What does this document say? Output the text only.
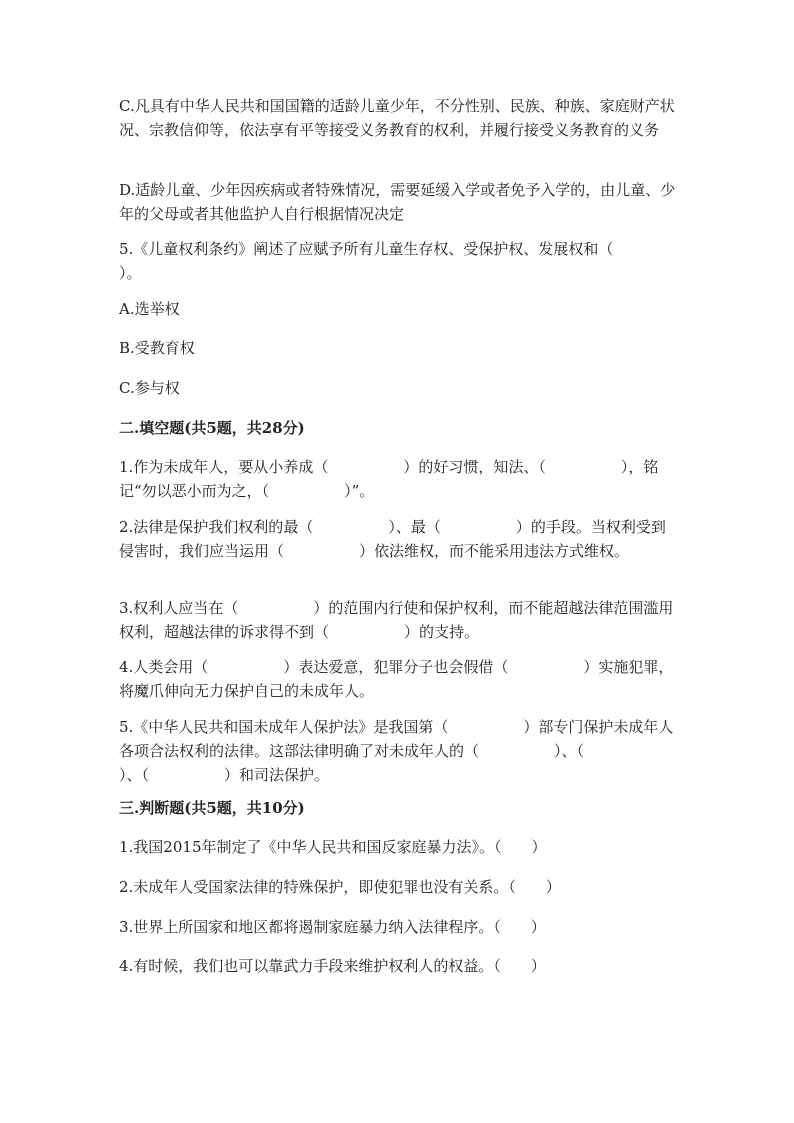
C.凡具有中华人民共和国国籍的适龄儿童少年，不分性别、民族、种族、家庭财产状况、宗教信仰等，依法享有平等接受义务教育的权利，并履行接受义务教育的义务

D.适龄儿童、少年因疾病或者特殊情况，需要延缓入学或者免予入学的，由儿童、少年的父母或者其他监护人自行根据情况决定

5.《儿童权利条约》阐述了应赋予所有儿童生存权、受保护权、发展权和（　　　）。

A.选举权

B.受教育权

C.参与权

二.填空题(共5题，共28分)

1.作为未成年人，要从小养成（　　　　　）的好习惯，知法、（　　　　　），铭记“勿以恶小而为之，（　　　　　）”。

2.法律是保护我们权利的最（　　　　　）、最（　　　　　）的手段。当权利受到侵害时，我们应当运用（　　　　　）依法维权，而不能采用违法方式维权。

3.权利人应当在（　　　　　）的范围内行使和保护权利，而不能超越法律范围滥用权利，超越法律的诉求得不到（　　　　　）的支持。

4.人类会用（　　　　　）表达爱意，犯罪分子也会假借（　　　　　）实施犯罪，将魔爪伸向无力保护自己的未成年人。

5.《中华人民共和国未成年人保护法》是我国第（　　　　　）部专门保护未成年人各项合法权利的法律。这部法律明确了对未成年人的（　　　　　）、（　　　　　）、（　　　　　）和司法保护。

三.判断题(共5题，共10分)

1.我国2015年制定了《中华人民共和国反家庭暴力法》。（　　）

2.未成年人受国家法律的特殊保护，即使犯罪也没有关系。（　　）

3.世界上所国家和地区都将遏制家庭暴力纳入法律程序。（　　）

4.有时候，我们也可以靠武力手段来维护权利人的权益。（　　）
